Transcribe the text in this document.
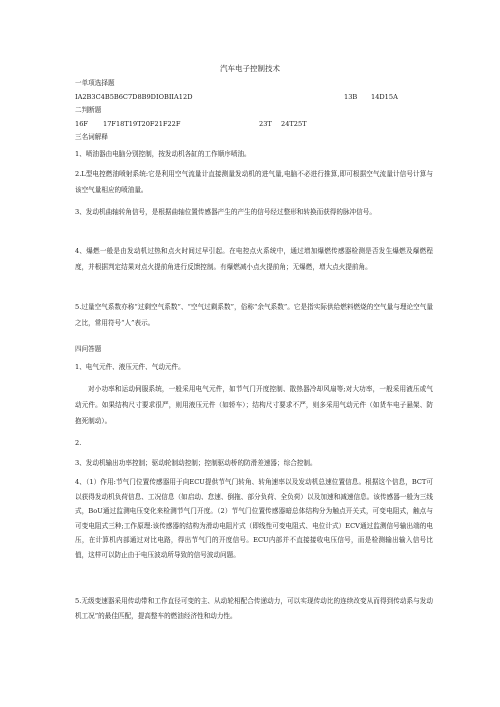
汽车电子控制技术
一单项选择题
IA2B3C4B5B6C7D8B9DIOBIIA12D	13B 14D15A
二判断题
16F 17F18T19T20F21F22F	23T 24T25T
三名词解释
1、喷油器由电脑分别控制，按发动机各缸的工作顺序喷油。
2.L型电控燃油喷射系统:它是利用空气流量计直接测量发动机的进气量,电脑不必进行推算,即可根据空气流量计信号计算与该空气量相应的喷油量。
3、发动机曲轴转角信号，是根据曲轴位置传感器产生的产生的信号经过整形和转换而获得的脉冲信号。
4、爆燃一般是由发动机过热和点火时间过早引起。在电控点火系统中，通过增加爆燃传感器检测是否发生爆燃及爆燃程度，并根据判定结果对点火提前角进行反馈控制。有爆燃减小点火提前角；无爆燃，增大点火提前角。
5.过量空气系数亦称“过剩空气系数”、“空气过剩系数”，俗称“余气系数”。它是指实际供给燃料燃烧的空气量与理论空气量之比，常用符号“人”表示。
四问答题
1、电气元件、液压元件、气动元件。
对小功率和运动伺服系统，一般采用电气元件，如节气门开度控制、散热器冷却风扇等;对大功率，一般采用液压或气动元件。如果结构尺寸要求很严，则用液压元件（如轿车）；结构尺寸要求不严，则多采用气动元件（如货车电子悬架、防抱死制动）。
2.
3、发动机输出功率控制；驱动轮制动控制；控制驱动桥的防滑差速器；综合控制。
4、（1）作用:节气门位置传感器用于向ECU提供节气门转角、转角速率以及发动机总速位置信息。根据这个信息，BCT可以获得发动机负荷信息、工况信息（如启动、怠速、倒拖、部分负荷、全负荷）以及加速和减速信息。该传感器一般为三线式，BoU通过监测电压变化来检测节气门开度。（2）节气门位置传感器暗总体结构分为触点开关式，可变电阻式，触点与可变电阻式三种;工作原理:该传感器的结构为滑动电阻片式（即线性可变电阻式、电位计式）ECV通过监测信号输出端的电压，在计算机内部通过对比电路，得出节气门的开度信号。ECU内部并不直接接收电压信号，而是检测输出输入信号比值，这样可以防止由于电压波动所导致的信号波动问题。
5.无级变速器采用传动带和工作直径可变的主、从动轮相配合传递动力，可以实现传动比的连续改变从而得到传动系与发动机工况”的最佳匹配，提高整车的燃油经济性和动力性。
